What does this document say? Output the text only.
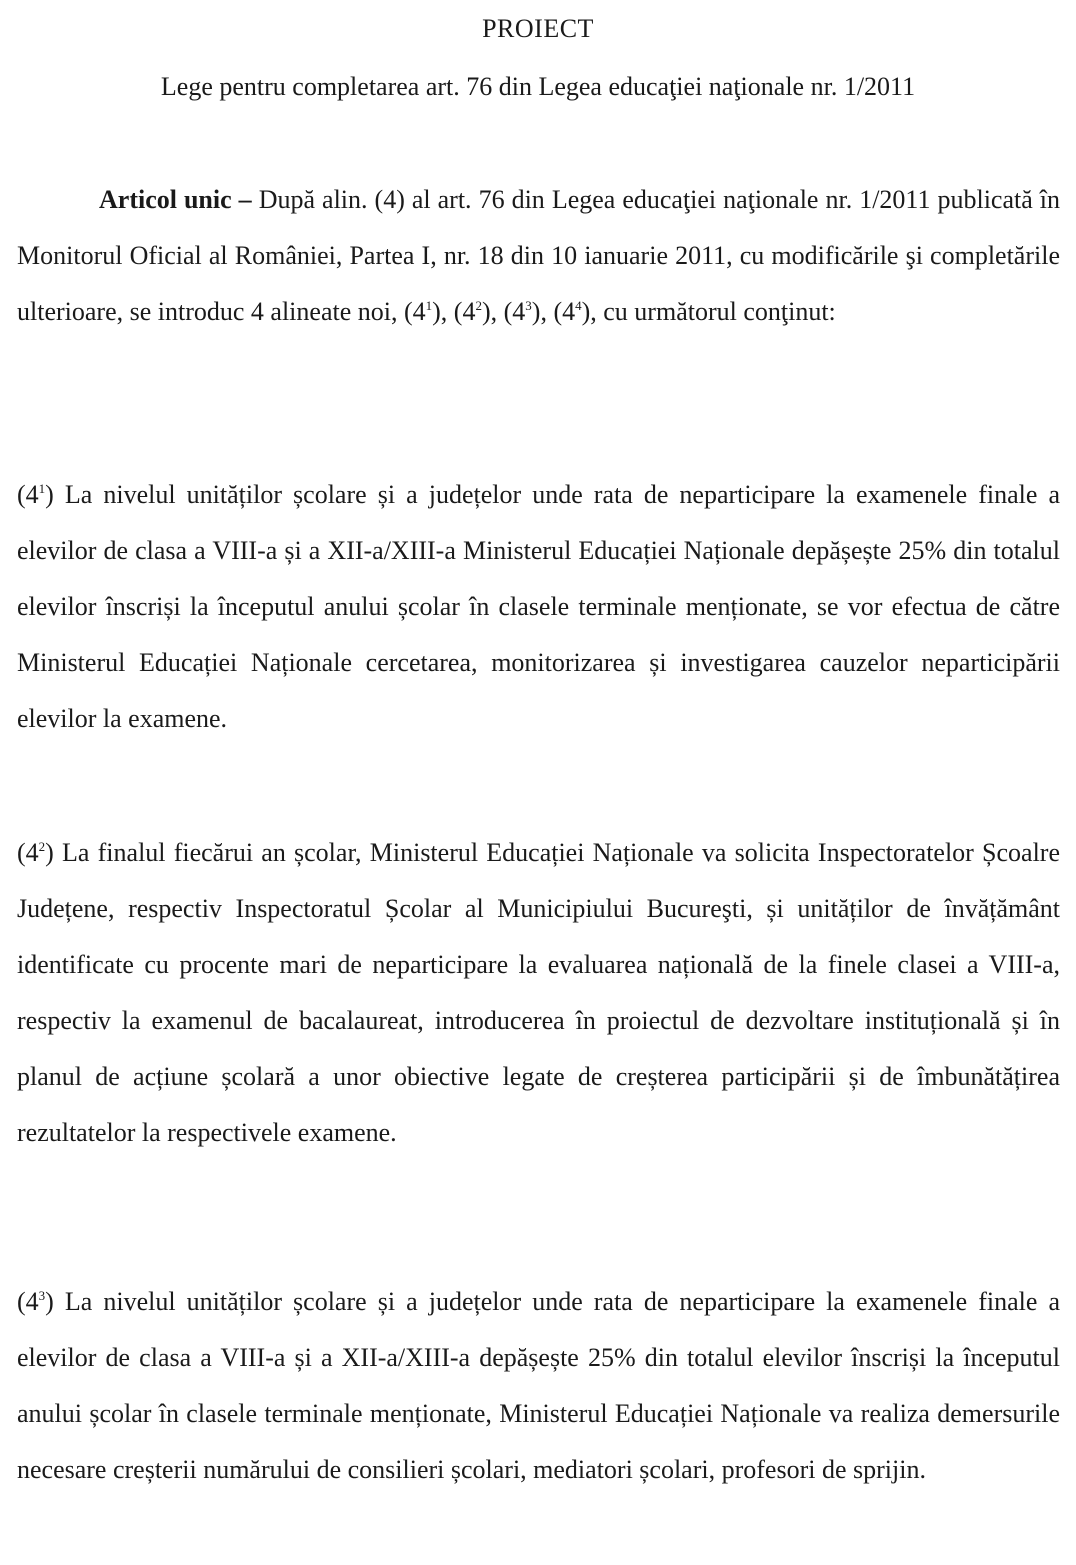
PROIECT
Lege pentru completarea art. 76 din Legea educaţiei naţionale nr. 1/2011

Articol unic – După alin. (4) al art. 76 din Legea educaţiei naţionale nr. 1/2011 publicată în Monitorul Oficial al României, Partea I, nr. 18 din 10 ianuarie 2011, cu modificările şi completările ulterioare, se introduc 4 alineate noi, $(4^1)$, $(4^2)$, $(4^3)$, $(4^4)$, cu următorul conţinut:

$(4^1)$ La nivelul unităților școlare și a județelor unde rata de neparticipare la examenele finale a elevilor de clasa a VIII-a și a XII-a/XIII-a Ministerul Educației Naționale depășește 25% din totalul elevilor înscriși la începutul anului școlar în clasele terminale menționate, se vor efectua de către Ministerul Educației Naționale cercetarea, monitorizarea și investigarea cauzelor neparticipării elevilor la examene.

$(4^2)$ La finalul fiecărui an școlar, Ministerul Educației Naționale va solicita Inspectoratelor Școalre Județene, respectiv Inspectoratul Școlar al Municipiului Bucureşti, și unităților de învățământ identificate cu procente mari de neparticipare la evaluarea națională de la finele clasei a VIII-a, respectiv la examenul de bacalaureat, introducerea în proiectul de dezvoltare instituțională și în planul de acțiune școlară a unor obiective legate de creșterea participării și de îmbunătățirea rezultatelor la respectivele examene.

$(4^3)$ La nivelul unităților școlare și a județelor unde rata de neparticipare la examenele finale a elevilor de clasa a VIII-a și a XII-a/XIII-a depășește 25% din totalul elevilor înscriși la începutul anului școlar în clasele terminale menționate, Ministerul Educației Naționale va realiza demersurile necesare creșterii numărului de consilieri școlari, mediatori școlari, profesori de sprijin.
